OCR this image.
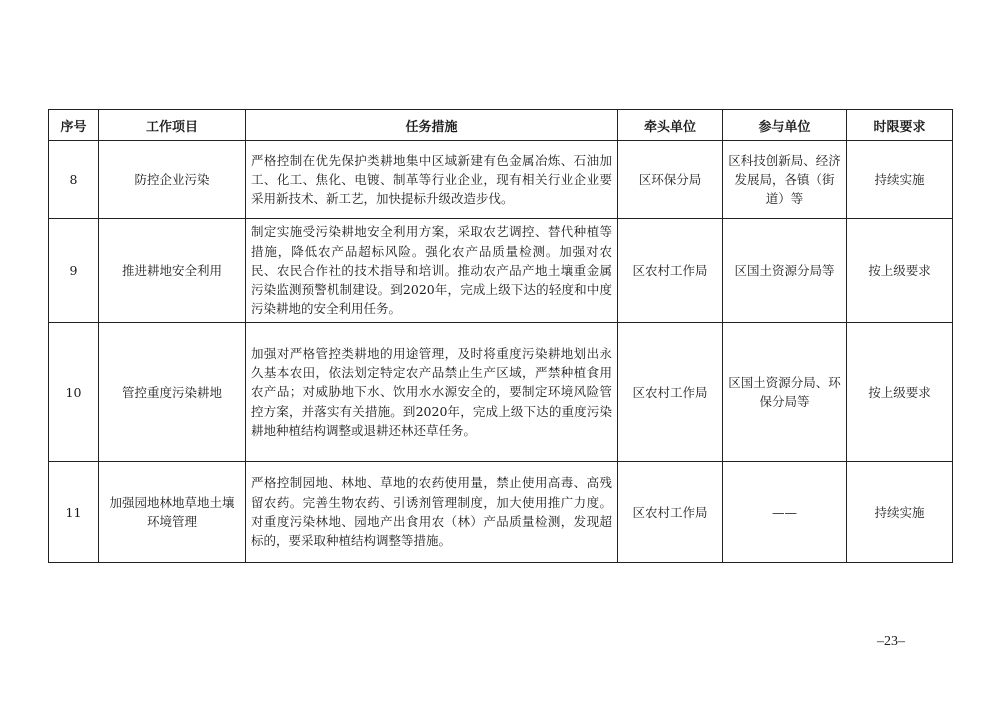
序号	工作项目	任务措施	牵头单位	参与单位	时限要求
8	防控企业污染	严格控制在优先保护类耕地集中区域新建有色金属冶炼、石油加工、化工、焦化、电镀、制革等行业企业，现有相关行业企业要采用新技术、新工艺，加快提标升级改造步伐。	区环保分局	区科技创新局、经济发展局，各镇（街道）等	持续实施
9	推进耕地安全利用	制定实施受污染耕地安全利用方案，采取农艺调控、替代种植等措施，降低农产品超标风险。强化农产品质量检测。加强对农民、农民合作社的技术指导和培训。推动农产品产地土壤重金属污染监测预警机制建设。到2020年，完成上级下达的轻度和中度污染耕地的安全利用任务。	区农村工作局	区国土资源分局等	按上级要求
10	管控重度污染耕地	加强对严格管控类耕地的用途管理，及时将重度污染耕地划出永久基本农田，依法划定特定农产品禁止生产区域，严禁种植食用农产品；对威胁地下水、饮用水水源安全的，要制定环境风险管控方案，并落实有关措施。到2020年，完成上级下达的重度污染耕地种植结构调整或退耕还林还草任务。	区农村工作局	区国土资源分局、环保分局等	按上级要求
11	加强园地林地草地土壤环境管理	严格控制园地、林地、草地的农药使用量，禁止使用高毒、高残留农药。完善生物农药、引诱剂管理制度，加大使用推广力度。对重度污染林地、园地产出食用农（林）产品质量检测，发现超标的，要采取种植结构调整等措施。	区农村工作局	——	持续实施
–23–
